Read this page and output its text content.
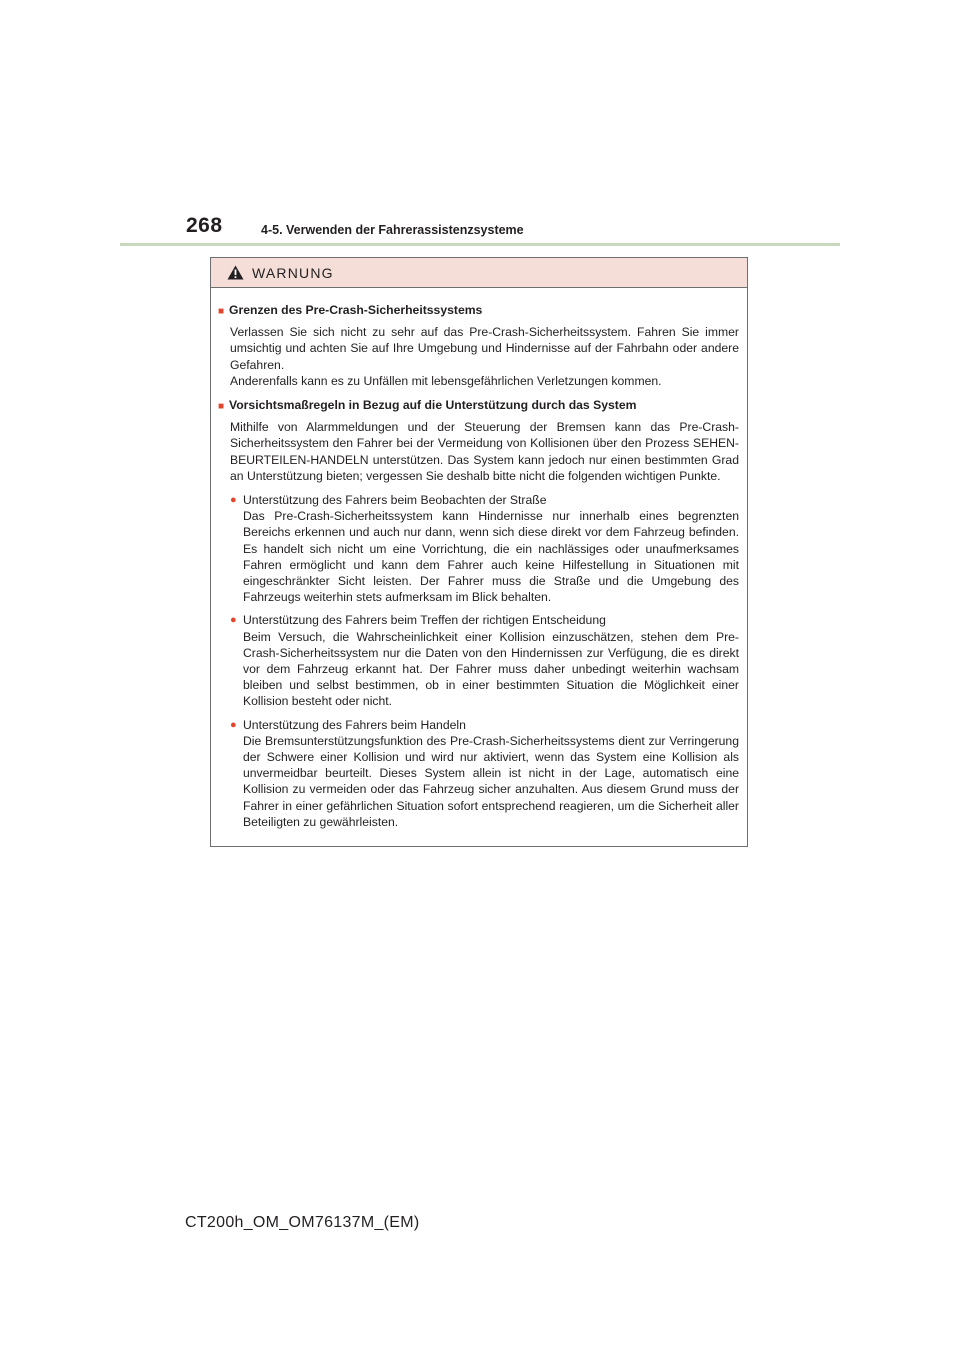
268	4-5. Verwenden der Fahrerassistenzsysteme
WARNUNG
■ Grenzen des Pre-Crash-Sicherheitssystems
Verlassen Sie sich nicht zu sehr auf das Pre-Crash-Sicherheitssystem. Fahren Sie immer umsichtig und achten Sie auf Ihre Umgebung und Hindernisse auf der Fahrbahn oder andere Gefahren.
Anderenfalls kann es zu Unfällen mit lebensgefährlichen Verletzungen kommen.
■ Vorsichtsmaßregeln in Bezug auf die Unterstützung durch das System
Mithilfe von Alarmmeldungen und der Steuerung der Bremsen kann das Pre-Crash-Sicherheitssystem den Fahrer bei der Vermeidung von Kollisionen über den Prozess SEHEN-BEURTEILEN-HANDELN unterstützen. Das System kann jedoch nur einen bestimmten Grad an Unterstützung bieten; vergessen Sie deshalb bitte nicht die folgenden wichtigen Punkte.
● Unterstützung des Fahrers beim Beobachten der Straße
Das Pre-Crash-Sicherheitssystem kann Hindernisse nur innerhalb eines begrenzten Bereichs erkennen und auch nur dann, wenn sich diese direkt vor dem Fahrzeug befinden. Es handelt sich nicht um eine Vorrichtung, die ein nachlässiges oder unaufmerksames Fahren ermöglicht und kann dem Fahrer auch keine Hilfestellung in Situationen mit eingeschränkter Sicht leisten. Der Fahrer muss die Straße und die Umgebung des Fahrzeugs weiterhin stets aufmerksam im Blick behalten.
● Unterstützung des Fahrers beim Treffen der richtigen Entscheidung
Beim Versuch, die Wahrscheinlichkeit einer Kollision einzuschätzen, stehen dem Pre-Crash-Sicherheitssystem nur die Daten von den Hindernissen zur Verfügung, die es direkt vor dem Fahrzeug erkannt hat. Der Fahrer muss daher unbedingt weiterhin wachsam bleiben und selbst bestimmen, ob in einer bestimmten Situation die Möglichkeit einer Kollision besteht oder nicht.
● Unterstützung des Fahrers beim Handeln
Die Bremsunterstützungsfunktion des Pre-Crash-Sicherheitssystems dient zur Verringerung der Schwere einer Kollision und wird nur aktiviert, wenn das System eine Kollision als unvermeidbar beurteilt. Dieses System allein ist nicht in der Lage, automatisch eine Kollision zu vermeiden oder das Fahrzeug sicher anzuhalten. Aus diesem Grund muss der Fahrer in einer gefährlichen Situation sofort entsprechend reagieren, um die Sicherheit aller Beteiligten zu gewährleisten.
CT200h_OM_OM76137M_(EM)
